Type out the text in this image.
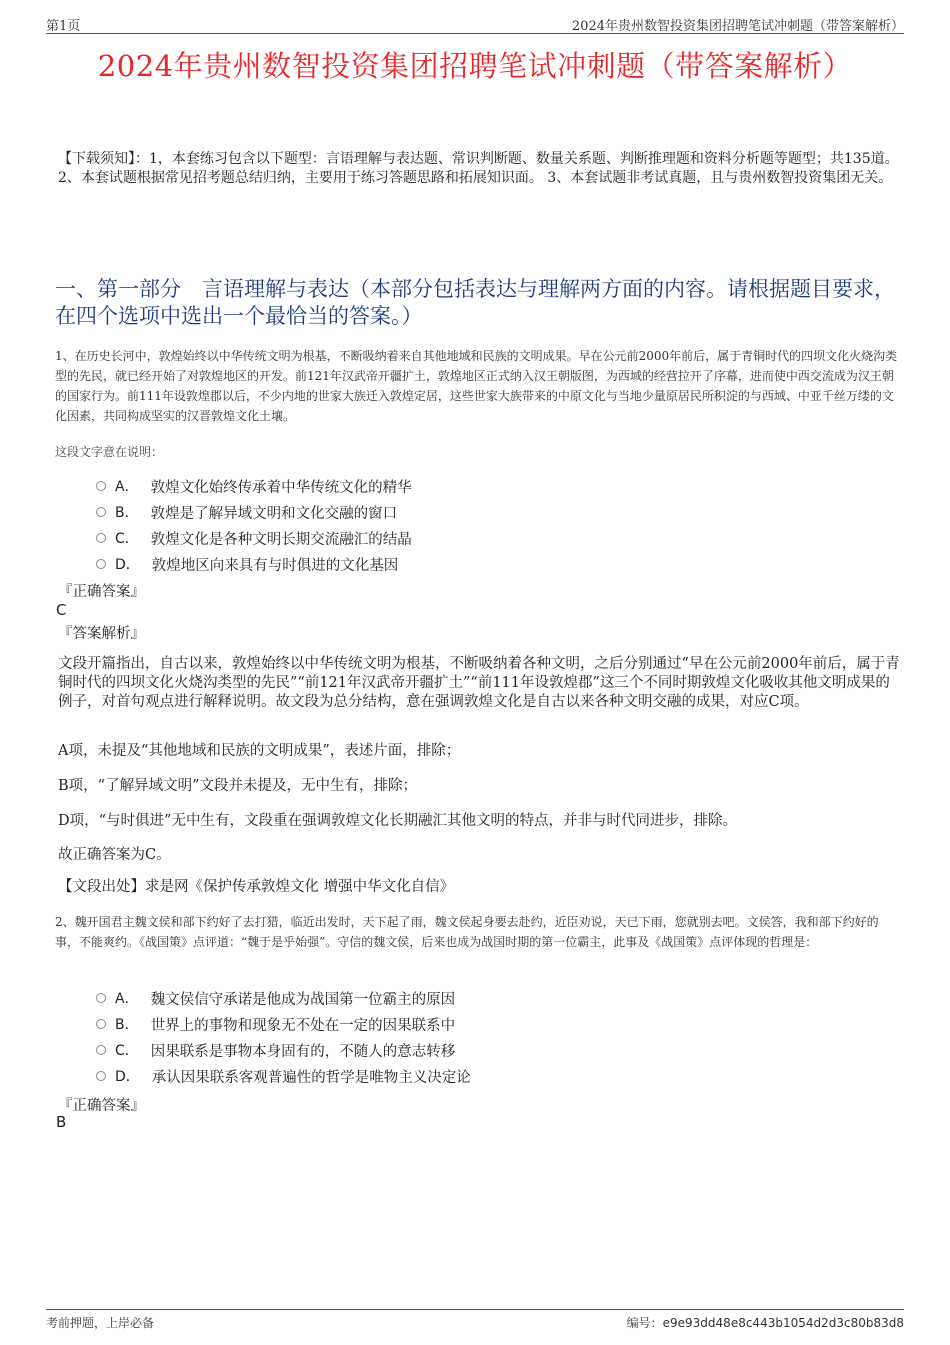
第1页	2024年贵州数智投资集团招聘笔试冲刺题（带答案解析）
2024年贵州数智投资集团招聘笔试冲刺题（带答案解析）
【下载须知】：1，本套练习包含以下题型：言语理解与表达题、常识判断题、数量关系题、判断推理题和资料分析题等题型；共135道。 2、本套试题根据常见招考题总结归纳，主要用于练习答题思路和拓展知识面。 3、本套试题非考试真题，且与贵州数智投资集团无关。
一、第一部分　言语理解与表达（本部分包括表达与理解两方面的内容。请根据题目要求，在四个选项中选出一个最恰当的答案。）
1、在历史长河中，敦煌始终以中华传统文明为根基，不断吸纳着来自其他地域和民族的文明成果。早在公元前2000年前后，属于青铜时代的四坝文化火烧沟类型的先民，就已经开始了对敦煌地区的开发。前121年汉武帝开疆扩土，敦煌地区正式纳入汉王朝版图，为西域的经营拉开了序幕，进而使中西交流成为汉王朝的国家行为。前111年设敦煌郡以后，不少内地的世家大族迁入敦煌定居，这些世家大族带来的中原文化与当地少量原居民所积淀的与西域、中亚千丝万缕的文化因素，共同构成坚实的汉晋敦煌文化土壤。
这段文字意在说明：
A． 敦煌文化始终传承着中华传统文化的精华
B． 敦煌是了解异域文明和文化交融的窗口
C． 敦煌文化是各种文明长期交流融汇的结晶
D． 敦煌地区向来具有与时俱进的文化基因
『正确答案』
C
『答案解析』
文段开篇指出，自古以来，敦煌始终以中华传统文明为根基，不断吸纳着各种文明，之后分别通过“早在公元前2000年前后，属于青铜时代的四坝文化火烧沟类型的先民”“前121年汉武帝开疆扩土”“前111年设敦煌郡”这三个不同时期敦煌文化吸收其他文明成果的例子，对首句观点进行解释说明。故文段为总分结构，意在强调敦煌文化是自古以来各种文明交融的成果，对应C项。
A项，未提及“其他地域和民族的文明成果”，表述片面，排除；
B项，“了解异域文明”文段并未提及，无中生有，排除；
D项，“与时俱进”无中生有，文段重在强调敦煌文化长期融汇其他文明的特点，并非与时代同进步，排除。
故正确答案为C。
【文段出处】求是网《保护传承敦煌文化 增强中华文化自信》
2、魏开国君主魏文侯和部下约好了去打猎，临近出发时，天下起了雨，魏文侯起身要去赴约，近臣劝说，天已下雨，您就别去吧。文侯答，我和部下约好的事，不能爽约。《战国策》点评道：“魏于是乎始强”。守信的魏文侯，后来也成为战国时期的第一位霸主，此事及《战国策》点评体现的哲理是：
A． 魏文侯信守承诺是他成为战国第一位霸主的原因
B． 世界上的事物和现象无不处在一定的因果联系中
C． 因果联系是事物本身固有的，不随人的意志转移
D． 承认因果联系客观普遍性的哲学是唯物主义决定论
『正确答案』
B
考前押题，上岸必备	编号：e9e93dd48e8c443b1054d2d3c80b83d8
